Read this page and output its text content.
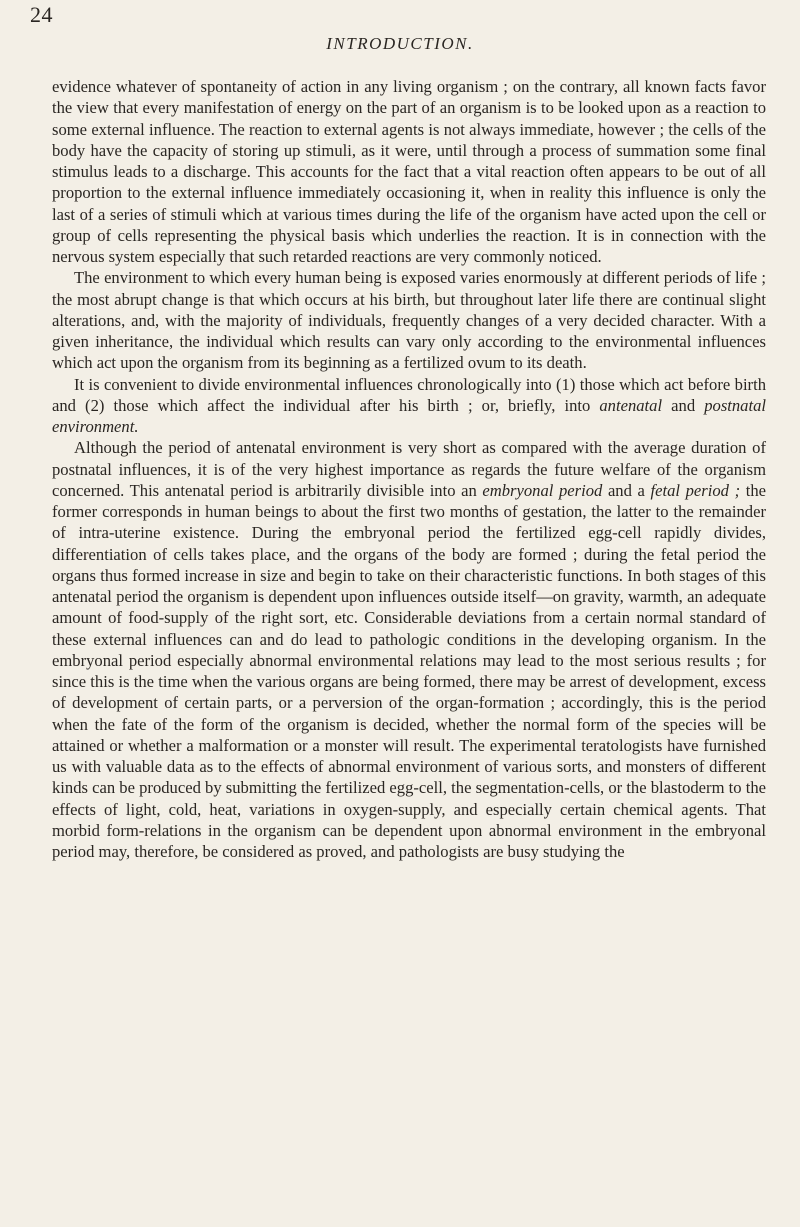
24
INTRODUCTION.

evidence whatever of spontaneity of action in any living organism ; on the contrary, all known facts favor the view that every manifestation of energy on the part of an organism is to be looked upon as a reaction to some external influence. The reaction to external agents is not always immediate, however ; the cells of the body have the capacity of storing up stimuli, as it were, until through a process of summation some final stimulus leads to a discharge. This accounts for the fact that a vital reaction often appears to be out of all proportion to the external influence immediately occasioning it, when in reality this influence is only the last of a series of stimuli which at various times during the life of the organism have acted upon the cell or group of cells representing the physical basis which underlies the reaction. It is in connection with the nervous system especially that such retarded reactions are very commonly noticed.

The environment to which every human being is exposed varies enormously at different periods of life ; the most abrupt change is that which occurs at his birth, but throughout later life there are continual slight alterations, and, with the majority of individuals, frequently changes of a very decided character. With a given inheritance, the individual which results can vary only according to the environmental influences which act upon the organism from its beginning as a fertilized ovum to its death.

It is convenient to divide environmental influences chronologically into (1) those which act before birth and (2) those which affect the individual after his birth ; or, briefly, into antenatal and postnatal environment.

Although the period of antenatal environment is very short as compared with the average duration of postnatal influences, it is of the very highest importance as regards the future welfare of the organism concerned. This antenatal period is arbitrarily divisible into an embryonal period and a fetal period ; the former corresponds in human beings to about the first two months of gestation, the latter to the remainder of intra-uterine existence. During the embryonal period the fertilized egg-cell rapidly divides, differentiation of cells takes place, and the organs of the body are formed ; during the fetal period the organs thus formed increase in size and begin to take on their characteristic functions. In both stages of this antenatal period the organism is dependent upon influences outside itself—on gravity, warmth, an adequate amount of food-supply of the right sort, etc. Considerable deviations from a certain normal standard of these external influences can and do lead to pathologic conditions in the developing organism. In the embryonal period especially abnormal environmental relations may lead to the most serious results ; for since this is the time when the various organs are being formed, there may be arrest of development, excess of development of certain parts, or a perversion of the organ-formation ; accordingly, this is the period when the fate of the form of the organism is decided, whether the normal form of the species will be attained or whether a malformation or a monster will result. The experimental teratologists have furnished us with valuable data as to the effects of abnormal environment of various sorts, and monsters of different kinds can be produced by submitting the fertilized egg-cell, the segmentation-cells, or the blastoderm to the effects of light, cold, heat, variations in oxygen-supply, and especially certain chemical agents. That morbid form-relations in the organism can be dependent upon abnormal environment in the embryonal period may, therefore, be considered as proved, and pathologists are busy studying the
